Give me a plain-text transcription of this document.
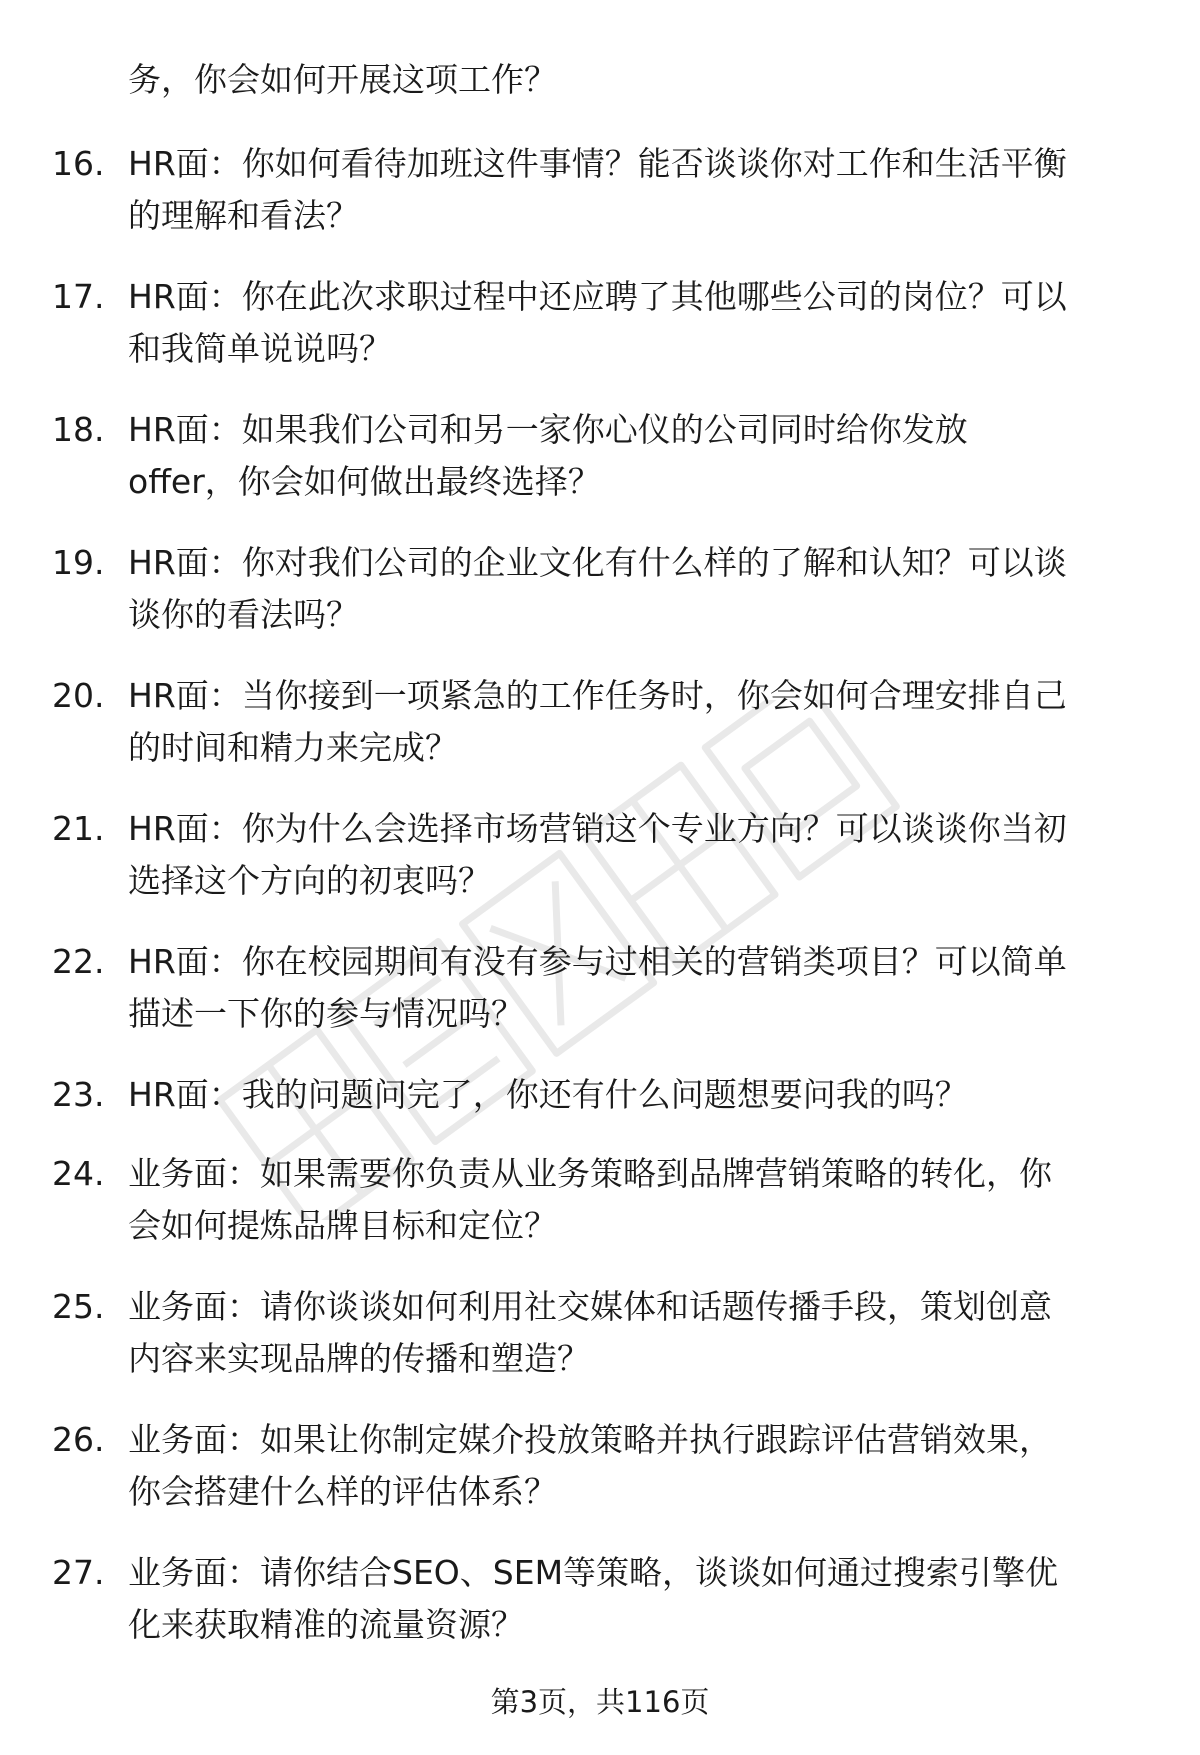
务，你会如何开展这项工作？
16. HR面：你如何看待加班这件事情？能否谈谈你对工作和生活平衡
的理解和看法？
17. HR面：你在此次求职过程中还应聘了其他哪些公司的岗位？可以
和我简单说说吗？
18. HR面：如果我们公司和另一家你心仪的公司同时给你发放
offer，你会如何做出最终选择？
19. HR面：你对我们公司的企业文化有什么样的了解和认知？可以谈
谈你的看法吗？
20. HR面：当你接到一项紧急的工作任务时，你会如何合理安排自己
的时间和精力来完成？
21. HR面：你为什么会选择市场营销这个专业方向？可以谈谈你当初
选择这个方向的初衷吗？
22. HR面：你在校园期间有没有参与过相关的营销类项目？可以简单
描述一下你的参与情况吗？
23. HR面：我的问题问完了，你还有什么问题想要问我的吗？
24. 业务面：如果需要你负责从业务策略到品牌营销策略的转化，你
会如何提炼品牌目标和定位？
25. 业务面：请你谈谈如何利用社交媒体和话题传播手段，策划创意
内容来实现品牌的传播和塑造？
26. 业务面：如果让你制定媒介投放策略并执行跟踪评估营销效果，
你会搭建什么样的评估体系？
27. 业务面：请你结合SEO、SEM等策略，谈谈如何通过搜索引擎优
化来获取精准的流量资源？
第3页，共116页
